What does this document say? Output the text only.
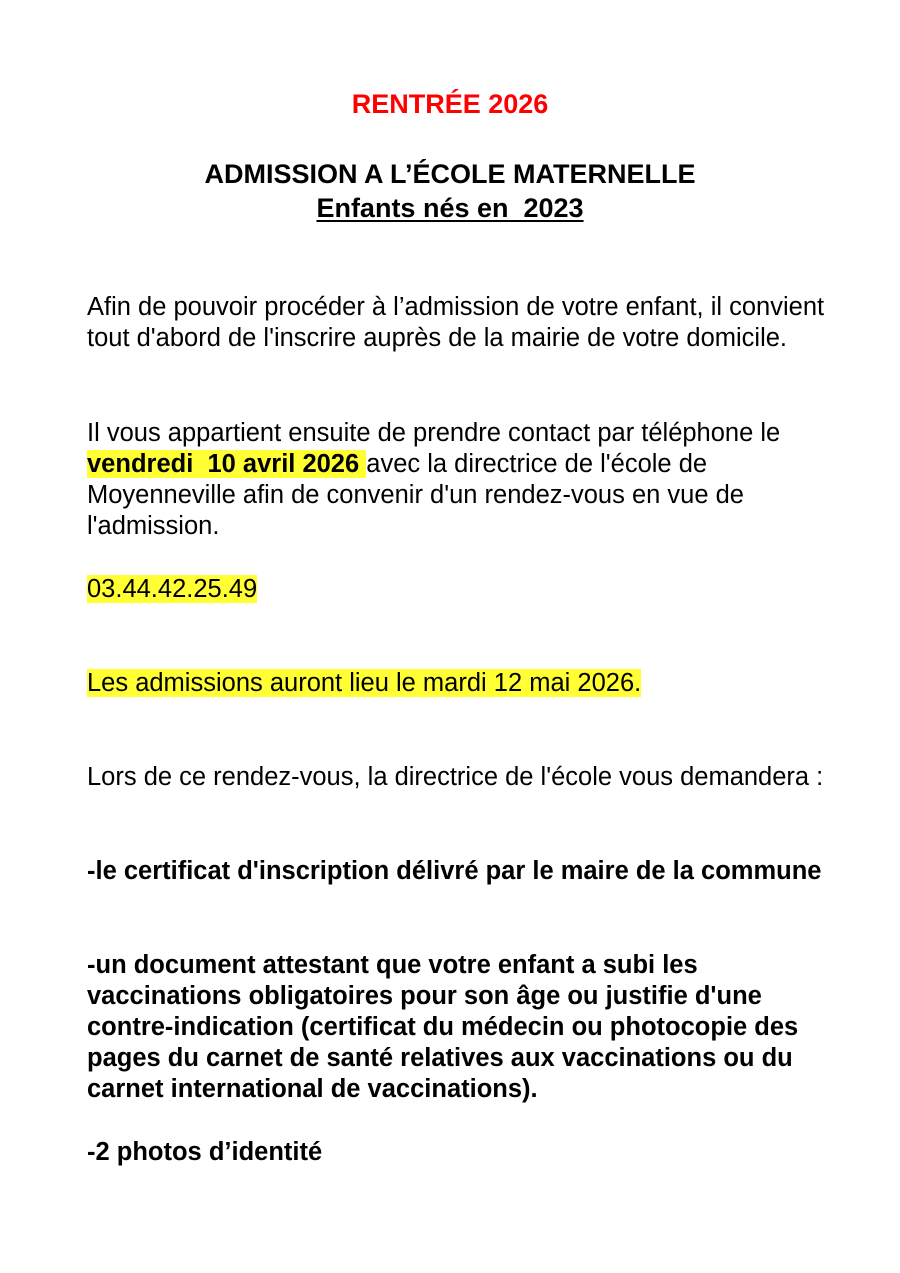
RENTRÉE 2026
ADMISSION A L’ÉCOLE MATERNELLE
Enfants nés en  2023
Afin de pouvoir procéder à l’admission de votre enfant, il convient tout d'abord de l'inscrire auprès de la mairie de votre domicile.
Il vous appartient ensuite de prendre contact par téléphone le vendredi  10 avril 2026 avec la directrice de l'école de Moyenneville afin de convenir d'un rendez-vous en vue de l'admission.
03.44.42.25.49
Les admissions auront lieu le mardi 12 mai 2026.
Lors de ce rendez-vous, la directrice de l'école vous demandera :
-le certificat d'inscription délivré par le maire de la commune
-un document attestant que votre enfant a subi les vaccinations obligatoires pour son âge ou justifie d'une contre-indication (certificat du médecin ou photocopie des pages du carnet de santé relatives aux vaccinations ou du carnet international de vaccinations).
-2 photos d’identité
